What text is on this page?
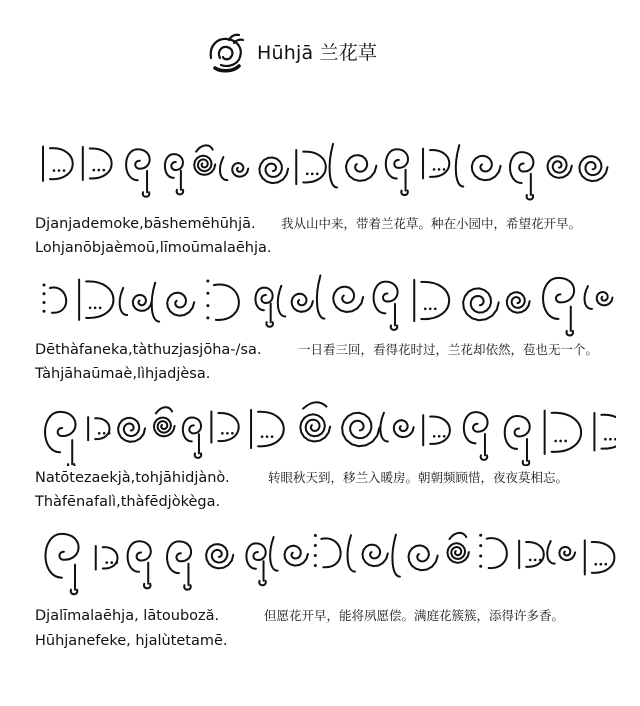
Hūhjā 兰花草
Djanjademoke,bāshemēhūhjā. 我从山中来，带着兰花草。种在小园中，希望花开早。
Lohjanōbjaèmoū,līmoūmalaēhja.
Dēthàfaneka,tàthuzjasjōha-/sa.	一日看三回，看得花时过，兰花却依然，苞也无一个。
Tàhjāhaūmaè,lìhjadjèsa.
Natōtezaekjà,tohjāhidjànò.	转眼秋天到，移兰入暖房。朝朝频顾惜，夜夜莫相忘。
Thàfēnafalì,thàfēdjòkèga.
Djalīmalaēhja, lātouboză.	但愿花开早，能将夙愿偿。满庭花簇簇，添得许多香。
Hūhjanefeke, hjalùtetamē.
